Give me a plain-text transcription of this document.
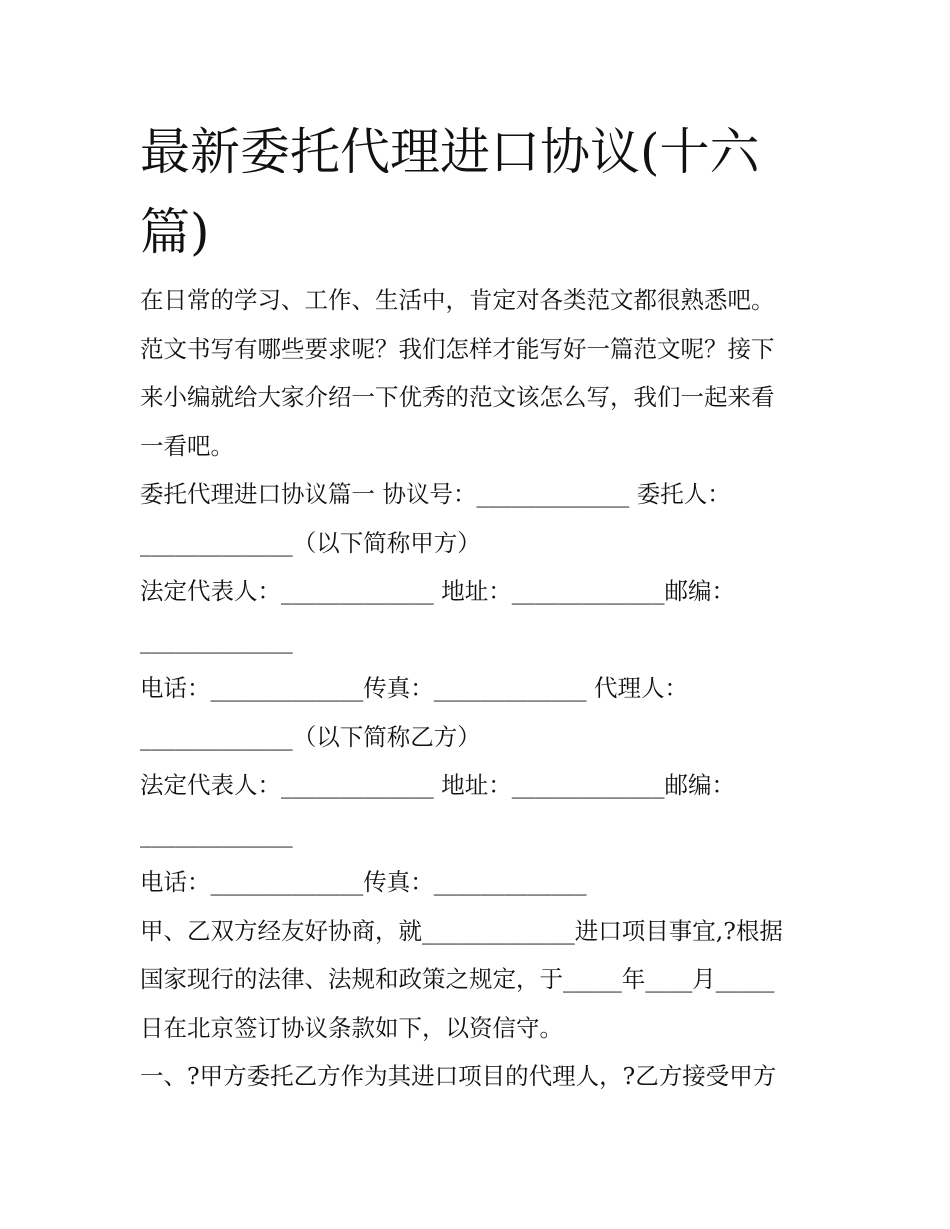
最新委托代理进口协议(十六
篇)
在日常的学习、工作、生活中，肯定对各类范文都很熟悉吧。
范文书写有哪些要求呢？我们怎样才能写好一篇范文呢？接下
来小编就给大家介绍一下优秀的范文该怎么写，我们一起来看
一看吧。
委托代理进口协议篇一 协议号：_____________ 委托人：
_____________（以下简称甲方）
法定代表人：_____________ 地址：_____________邮编：
_____________
电话：_____________传真：_____________ 代理人：
_____________（以下简称乙方）
法定代表人：_____________ 地址：_____________邮编：
_____________
电话：_____________传真：_____________
甲、乙双方经友好协商，就_____________进口项目事宜,?根据
国家现行的法律、法规和政策之规定，于_____年____月_____
日在北京签订协议条款如下，以资信守。
一、?甲方委托乙方作为其进口项目的代理人，?乙方接受甲方
